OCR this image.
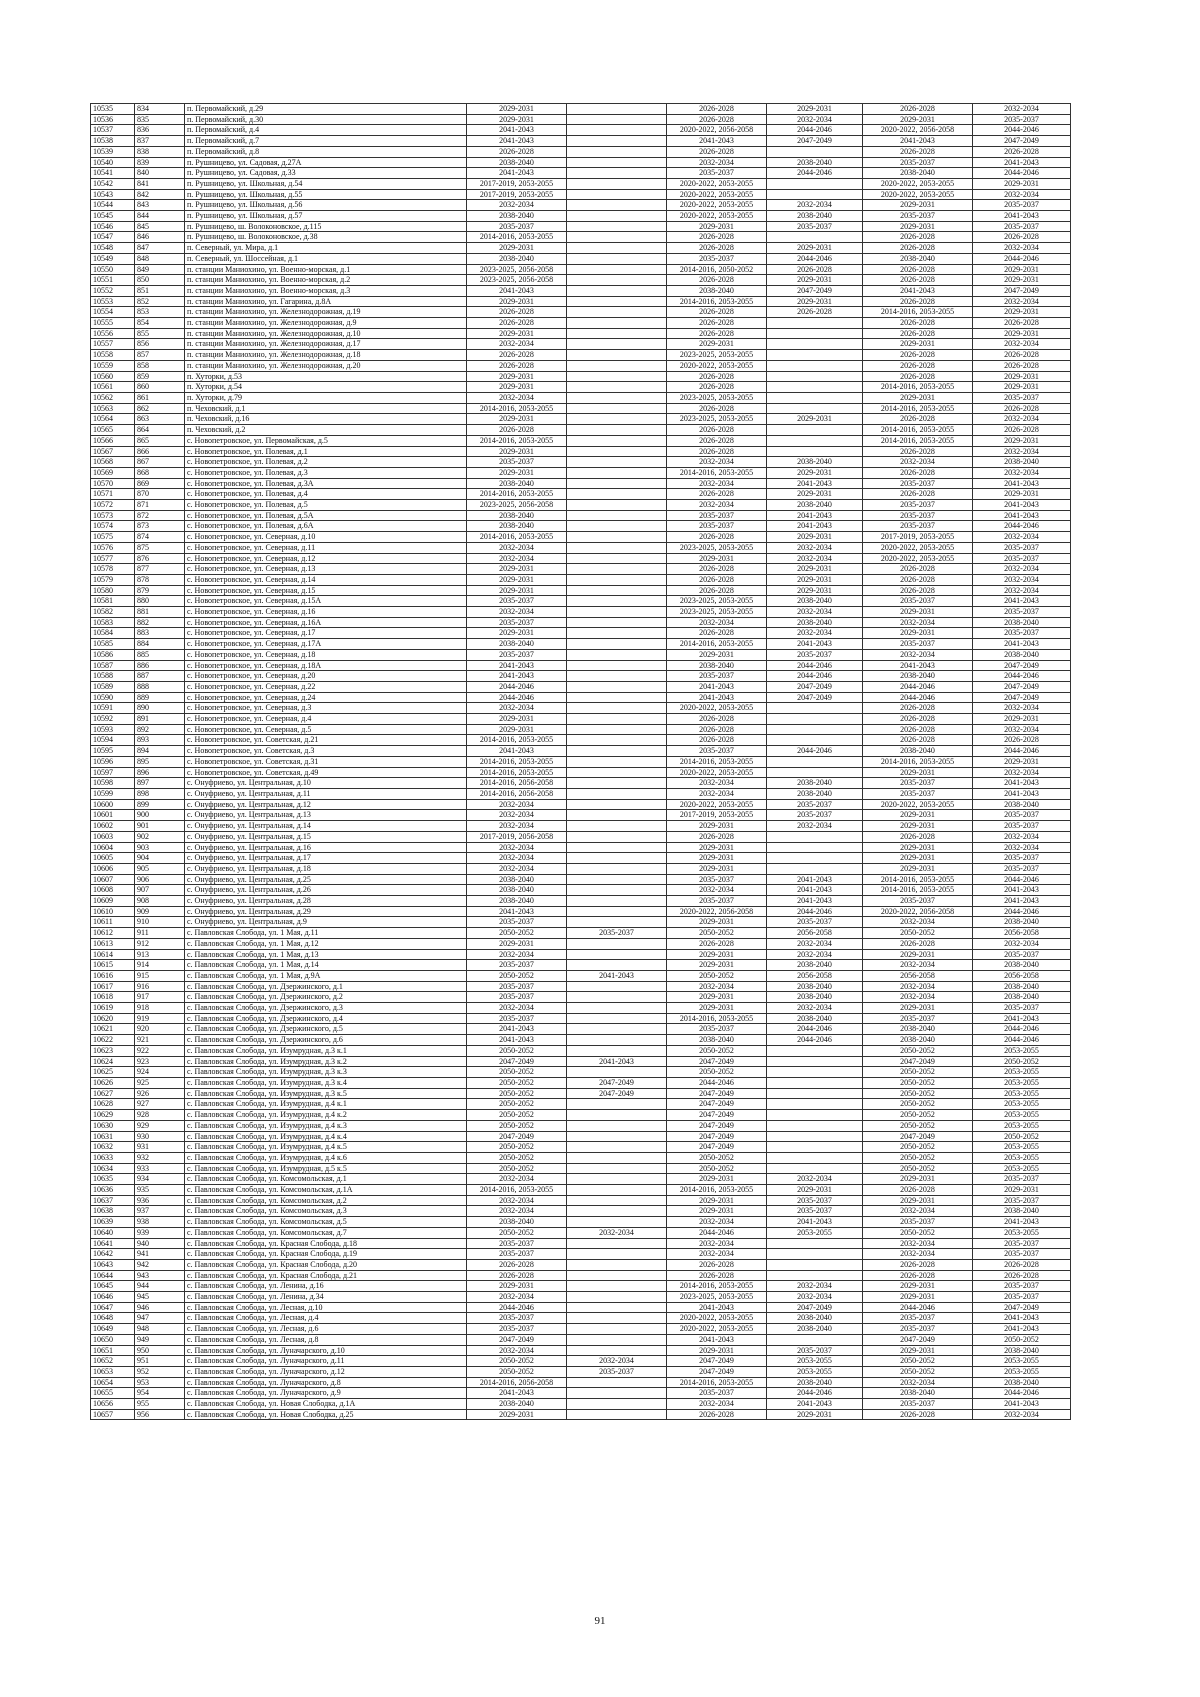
10535	834	п. Первомайский, д.29	2029-2031		2026-2028	2029-2031	2026-2028	2032-2034
10536	835	п. Первомайский, д.30	2029-2031		2026-2028	2032-2034	2029-2031	2035-2037
10537	836	п. Первомайский, д.4	2041-2043		2020-2022, 2056-2058	2044-2046	2020-2022, 2056-2058	2044-2046
10538	837	п. Первомайский, д.7	2041-2043		2041-2043	2047-2049	2041-2043	2047-2049
10539	838	п. Первомайский, д.8	2026-2028		2026-2028		2026-2028	2026-2028
10540	839	п. Рушницево, ул. Садовая, д.27А	2038-2040		2032-2034	2038-2040	2035-2037	2041-2043
10541	840	п. Рушницево, ул. Садовая, д.33	2041-2043		2035-2037	2044-2046	2038-2040	2044-2046
10542	841	п. Рушницево, ул. Школьная, д.54	2017-2019, 2053-2055		2020-2022, 2053-2055		2020-2022, 2053-2055	2029-2031
10543	842	п. Рушницево, ул. Школьная, д.55	2017-2019, 2053-2055		2020-2022, 2053-2055		2020-2022, 2053-2055	2032-2034
10544	843	п. Рушницево, ул. Школьная, д.56	2032-2034		2020-2022, 2053-2055	2032-2034	2029-2031	2035-2037
10545	844	п. Рушницево, ул. Школьная, д.57	2038-2040		2020-2022, 2053-2055	2038-2040	2035-2037	2041-2043
10546	845	п. Рушницево, ш. Волоконовское, д.115	2035-2037		2029-2031	2035-2037	2029-2031	2035-2037
10547	846	п. Рушницево, ш. Волоконовское, д.38	2014-2016, 2053-2055		2026-2028		2026-2028	2026-2028
10548	847	п. Северный, ул. Мира, д.1	2029-2031		2026-2028	2029-2031	2026-2028	2032-2034
10549	848	п. Северный, ул. Шоссейная, д.1	2038-2040		2035-2037	2044-2046	2038-2040	2044-2046
10550	849	п. станции Маниохино, ул. Военно-морская, д.1	2023-2025, 2056-2058		2014-2016, 2050-2052	2026-2028	2026-2028	2029-2031
10551	850	п. станции Маниохино, ул. Военно-морская, д.2	2023-2025, 2056-2058		2026-2028	2029-2031	2026-2028	2029-2031
10552	851	п. станции Маниохино, ул. Военно-морская, д.3	2041-2043		2038-2040	2047-2049	2041-2043	2047-2049
10553	852	п. станции Маниохино, ул. Гагарина, д.8А	2029-2031		2014-2016, 2053-2055	2029-2031	2026-2028	2032-2034
10554	853	п. станции Маниохино, ул. Железнодорожная, д.19	2026-2028		2026-2028	2026-2028	2014-2016, 2053-2055	2029-2031
10555	854	п. станции Маниохино, ул. Железнодорожная, д.9	2026-2028		2026-2028		2026-2028	2026-2028
10556	855	п. станции Маниохино, ул. Железнодорожная, д.10	2029-2031		2026-2028		2026-2028	2029-2031
10557	856	п. станции Маниохино, ул. Железнодорожная, д.17	2032-2034		2029-2031		2029-2031	2032-2034
10558	857	п. станции Маниохино, ул. Железнодорожная, д.18	2026-2028		2023-2025, 2053-2055		2026-2028	2026-2028
10559	858	п. станции Маниохино, ул. Железнодорожная, д.20	2026-2028		2020-2022, 2053-2055		2026-2028	2026-2028
10560	859	п. Хуторки, д.53	2029-2031		2026-2028		2026-2028	2029-2031
10561	860	п. Хуторки, д.54	2029-2031		2026-2028		2014-2016, 2053-2055	2029-2031
10562	861	п. Хуторки, д.79	2032-2034		2023-2025, 2053-2055		2029-2031	2035-2037
10563	862	п. Чеховский, д.1	2014-2016, 2053-2055		2026-2028		2014-2016, 2053-2055	2026-2028
10564	863	п. Чеховский, д.16	2029-2031		2023-2025, 2053-2055	2029-2031	2026-2028	2032-2034
10565	864	п. Чеховский, д.2	2026-2028		2026-2028		2014-2016, 2053-2055	2026-2028
10566	865	с. Новопетровское, ул. Первомайская, д.5	2014-2016, 2053-2055		2026-2028		2014-2016, 2053-2055	2029-2031
10567	866	с. Новопетровское, ул. Полевая, д.1	2029-2031		2026-2028		2026-2028	2032-2034
10568	867	с. Новопетровское, ул. Полевая, д.2	2035-2037		2032-2034	2038-2040	2032-2034	2038-2040
10569	868	с. Новопетровское, ул. Полевая, д.3	2029-2031		2014-2016, 2053-2055	2029-2031	2026-2028	2032-2034
10570	869	с. Новопетровское, ул. Полевая, д.3А	2038-2040		2032-2034	2041-2043	2035-2037	2041-2043
10571	870	с. Новопетровское, ул. Полевая, д.4	2014-2016, 2053-2055		2026-2028	2029-2031	2026-2028	2029-2031
10572	871	с. Новопетровское, ул. Полевая, д.5	2023-2025, 2056-2058		2032-2034	2038-2040	2035-2037	2041-2043
10573	872	с. Новопетровское, ул. Полевая, д.5А	2038-2040		2035-2037	2041-2043	2035-2037	2041-2043
10574	873	с. Новопетровское, ул. Полевая, д.6А	2038-2040		2035-2037	2041-2043	2035-2037	2044-2046
10575	874	с. Новопетровское, ул. Северная, д.10	2014-2016, 2053-2055		2026-2028	2029-2031	2017-2019, 2053-2055	2032-2034
10576	875	с. Новопетровское, ул. Северная, д.11	2032-2034		2023-2025, 2053-2055	2032-2034	2020-2022, 2053-2055	2035-2037
10577	876	с. Новопетровское, ул. Северная, д.12	2032-2034		2029-2031	2032-2034	2020-2022, 2053-2055	2035-2037
10578	877	с. Новопетровское, ул. Северная, д.13	2029-2031		2026-2028	2029-2031	2026-2028	2032-2034
10579	878	с. Новопетровское, ул. Северная, д.14	2029-2031		2026-2028	2029-2031	2026-2028	2032-2034
10580	879	с. Новопетровское, ул. Северная, д.15	2029-2031		2026-2028	2029-2031	2026-2028	2032-2034
10581	880	с. Новопетровское, ул. Северная, д.15А	2035-2037		2023-2025, 2053-2055	2038-2040	2035-2037	2041-2043
10582	881	с. Новопетровское, ул. Северная, д.16	2032-2034		2023-2025, 2053-2055	2032-2034	2029-2031	2035-2037
10583	882	с. Новопетровское, ул. Северная, д.16А	2035-2037		2032-2034	2038-2040	2032-2034	2038-2040
10584	883	с. Новопетровское, ул. Северная, д.17	2029-2031		2026-2028	2032-2034	2029-2031	2035-2037
10585	884	с. Новопетровское, ул. Северная, д.17А	2038-2040		2014-2016, 2053-2055	2041-2043	2035-2037	2041-2043
10586	885	с. Новопетровское, ул. Северная, д.18	2035-2037		2029-2031	2035-2037	2032-2034	2038-2040
10587	886	с. Новопетровское, ул. Северная, д.18А	2041-2043		2038-2040	2044-2046	2041-2043	2047-2049
10588	887	с. Новопетровское, ул. Северная, д.20	2041-2043		2035-2037	2044-2046	2038-2040	2044-2046
10589	888	с. Новопетровское, ул. Северная, д.22	2044-2046		2041-2043	2047-2049	2044-2046	2047-2049
10590	889	с. Новопетровское, ул. Северная, д.24	2044-2046		2041-2043	2047-2049	2044-2046	2047-2049
10591	890	с. Новопетровское, ул. Северная, д.3	2032-2034		2020-2022, 2053-2055		2026-2028	2032-2034
10592	891	с. Новопетровское, ул. Северная, д.4	2029-2031		2026-2028		2026-2028	2029-2031
10593	892	с. Новопетровское, ул. Северная, д.5	2029-2031		2026-2028		2026-2028	2032-2034
10594	893	с. Новопетровское, ул. Советская, д.21	2014-2016, 2053-2055		2026-2028		2026-2028	2026-2028
10595	894	с. Новопетровское, ул. Советская, д.3	2041-2043		2035-2037	2044-2046	2038-2040	2044-2046
10596	895	с. Новопетровское, ул. Советская, д.31	2014-2016, 2053-2055		2014-2016, 2053-2055		2014-2016, 2053-2055	2029-2031
10597	896	с. Новопетровское, ул. Советская, д.49	2014-2016, 2053-2055		2020-2022, 2053-2055		2029-2031	2032-2034
10598	897	с. Онуфриево, ул. Центральная, д.10	2014-2016, 2056-2058		2032-2034	2038-2040	2035-2037	2041-2043
10599	898	с. Онуфриево, ул. Центральная, д.11	2014-2016, 2056-2058		2032-2034	2038-2040	2035-2037	2041-2043
10600	899	с. Онуфриево, ул. Центральная, д.12	2032-2034		2020-2022, 2053-2055	2035-2037	2020-2022, 2053-2055	2038-2040
10601	900	с. Онуфриево, ул. Центральная, д.13	2032-2034		2017-2019, 2053-2055	2035-2037	2029-2031	2035-2037
10602	901	с. Онуфриево, ул. Центральная, д.14	2032-2034		2029-2031	2032-2034	2029-2031	2035-2037
10603	902	с. Онуфриево, ул. Центральная, д.15	2017-2019, 2056-2058		2026-2028		2026-2028	2032-2034
10604	903	с. Онуфриево, ул. Центральная, д.16	2032-2034		2029-2031		2029-2031	2032-2034
10605	904	с. Онуфриево, ул. Центральная, д.17	2032-2034		2029-2031		2029-2031	2035-2037
10606	905	с. Онуфриево, ул. Центральная, д.18	2032-2034		2029-2031		2029-2031	2035-2037
10607	906	с. Онуфриево, ул. Центральная, д.25	2038-2040		2035-2037	2041-2043	2014-2016, 2053-2055	2044-2046
10608	907	с. Онуфриево, ул. Центральная, д.26	2038-2040		2032-2034	2041-2043	2014-2016, 2053-2055	2041-2043
10609	908	с. Онуфриево, ул. Центральная, д.28	2038-2040		2035-2037	2041-2043	2035-2037	2041-2043
10610	909	с. Онуфриево, ул. Центральная, д.29	2041-2043		2020-2022, 2056-2058	2044-2046	2020-2022, 2056-2058	2044-2046
10611	910	с. Онуфриево, ул. Центральная, д.9	2035-2037		2029-2031	2035-2037	2032-2034	2038-2040
10612	911	с. Павловская Слобода, ул. 1 Мая, д.11	2050-2052	2035-2037	2050-2052	2056-2058	2050-2052	2056-2058
10613	912	с. Павловская Слобода, ул. 1 Мая, д.12	2029-2031		2026-2028	2032-2034	2026-2028	2032-2034
10614	913	с. Павловская Слобода, ул. 1 Мая, д.13	2032-2034		2029-2031	2032-2034	2029-2031	2035-2037
10615	914	с. Павловская Слобода, ул. 1 Мая, д.14	2035-2037		2029-2031	2038-2040	2032-2034	2038-2040
10616	915	с. Павловская Слобода, ул. 1 Мая, д.9А	2050-2052	2041-2043	2050-2052	2056-2058	2056-2058	2056-2058
10617	916	с. Павловская Слобода, ул. Дзержинского, д.1	2035-2037		2032-2034	2038-2040	2032-2034	2038-2040
10618	917	с. Павловская Слобода, ул. Дзержинского, д.2	2035-2037		2029-2031	2038-2040	2032-2034	2038-2040
10619	918	с. Павловская Слобода, ул. Дзержинского, д.3	2032-2034		2029-2031	2032-2034	2029-2031	2035-2037
10620	919	с. Павловская Слобода, ул. Дзержинского, д.4	2035-2037		2014-2016, 2053-2055	2038-2040	2035-2037	2041-2043
10621	920	с. Павловская Слобода, ул. Дзержинского, д.5	2041-2043		2035-2037	2044-2046	2038-2040	2044-2046
10622	921	с. Павловская Слобода, ул. Дзержинского, д.6	2041-2043		2038-2040	2044-2046	2038-2040	2044-2046
10623	922	с. Павловская Слобода, ул. Изумрудная, д.3 к.1	2050-2052		2050-2052		2050-2052	2053-2055
10624	923	с. Павловская Слобода, ул. Изумрудная, д.3 к.2	2047-2049	2041-2043	2047-2049		2047-2049	2050-2052
10625	924	с. Павловская Слобода, ул. Изумрудная, д.3 к.3	2050-2052		2050-2052		2050-2052	2053-2055
10626	925	с. Павловская Слобода, ул. Изумрудная, д.3 к.4	2050-2052	2047-2049	2044-2046		2050-2052	2053-2055
10627	926	с. Павловская Слобода, ул. Изумрудная, д.3 к.5	2050-2052	2047-2049	2047-2049		2050-2052	2053-2055
10628	927	с. Павловская Слобода, ул. Изумрудная, д.4 к.1	2050-2052		2047-2049		2050-2052	2053-2055
10629	928	с. Павловская Слобода, ул. Изумрудная, д.4 к.2	2050-2052		2047-2049		2050-2052	2053-2055
10630	929	с. Павловская Слобода, ул. Изумрудная, д.4 к.3	2050-2052		2047-2049		2050-2052	2053-2055
10631	930	с. Павловская Слобода, ул. Изумрудная, д.4 к.4	2047-2049		2047-2049		2047-2049	2050-2052
10632	931	с. Павловская Слобода, ул. Изумрудная, д.4 к.5	2050-2052		2047-2049		2050-2052	2053-2055
10633	932	с. Павловская Слобода, ул. Изумрудная, д.4 к.6	2050-2052		2050-2052		2050-2052	2053-2055
10634	933	с. Павловская Слобода, ул. Изумрудная, д.5 к.5	2050-2052		2050-2052		2050-2052	2053-2055
10635	934	с. Павловская Слобода, ул. Комсомольская, д.1	2032-2034		2029-2031	2032-2034	2029-2031	2035-2037
10636	935	с. Павловская Слобода, ул. Комсомольская, д.1А	2014-2016, 2053-2055		2014-2016, 2053-2055	2029-2031	2026-2028	2029-2031
10637	936	с. Павловская Слобода, ул. Комсомольская, д.2	2032-2034		2029-2031	2035-2037	2029-2031	2035-2037
10638	937	с. Павловская Слобода, ул. Комсомольская, д.3	2032-2034		2029-2031	2035-2037	2032-2034	2038-2040
10639	938	с. Павловская Слобода, ул. Комсомольская, д.5	2038-2040		2032-2034	2041-2043	2035-2037	2041-2043
10640	939	с. Павловская Слобода, ул. Комсомольская, д.7	2050-2052	2032-2034	2044-2046	2053-2055	2050-2052	2053-2055
10641	940	с. Павловская Слобода, ул. Красная Слобода, д.18	2035-2037		2032-2034		2032-2034	2035-2037
10642	941	с. Павловская Слобода, ул. Красная Слобода, д.19	2035-2037		2032-2034		2032-2034	2035-2037
10643	942	с. Павловская Слобода, ул. Красная Слобода, д.20	2026-2028		2026-2028		2026-2028	2026-2028
10644	943	с. Павловская Слобода, ул. Красная Слобода, д.21	2026-2028		2026-2028		2026-2028	2026-2028
10645	944	с. Павловская Слобода, ул. Ленина, д.16	2029-2031		2014-2016, 2053-2055	2032-2034	2029-2031	2035-2037
10646	945	с. Павловская Слобода, ул. Ленина, д.34	2032-2034		2023-2025, 2053-2055	2032-2034	2029-2031	2035-2037
10647	946	с. Павловская Слобода, ул. Лесная, д.10	2044-2046		2041-2043	2047-2049	2044-2046	2047-2049
10648	947	с. Павловская Слобода, ул. Лесная, д.4	2035-2037		2020-2022, 2053-2055	2038-2040	2035-2037	2041-2043
10649	948	с. Павловская Слобода, ул. Лесная, д.6	2035-2037		2020-2022, 2053-2055	2038-2040	2035-2037	2041-2043
10650	949	с. Павловская Слобода, ул. Лесная, д.8	2047-2049		2041-2043		2047-2049	2050-2052
10651	950	с. Павловская Слобода, ул. Луначарского, д.10	2032-2034		2029-2031	2035-2037	2029-2031	2038-2040
10652	951	с. Павловская Слобода, ул. Луначарского, д.11	2050-2052	2032-2034	2047-2049	2053-2055	2050-2052	2053-2055
10653	952	с. Павловская Слобода, ул. Луначарского, д.12	2050-2052	2035-2037	2047-2049	2053-2055	2050-2052	2053-2055
10654	953	с. Павловская Слобода, ул. Луначарского, д.8	2014-2016, 2056-2058		2014-2016, 2053-2055	2038-2040	2032-2034	2038-2040
10655	954	с. Павловская Слобода, ул. Луначарского, д.9	2041-2043		2035-2037	2044-2046	2038-2040	2044-2046
10656	955	с. Павловская Слобода, ул. Новая Слободка, д.1А	2038-2040		2032-2034	2041-2043	2035-2037	2041-2043
10657	956	с. Павловская Слобода, ул. Новая Слободка, д.25	2029-2031		2026-2028	2029-2031	2026-2028	2032-2034
91
